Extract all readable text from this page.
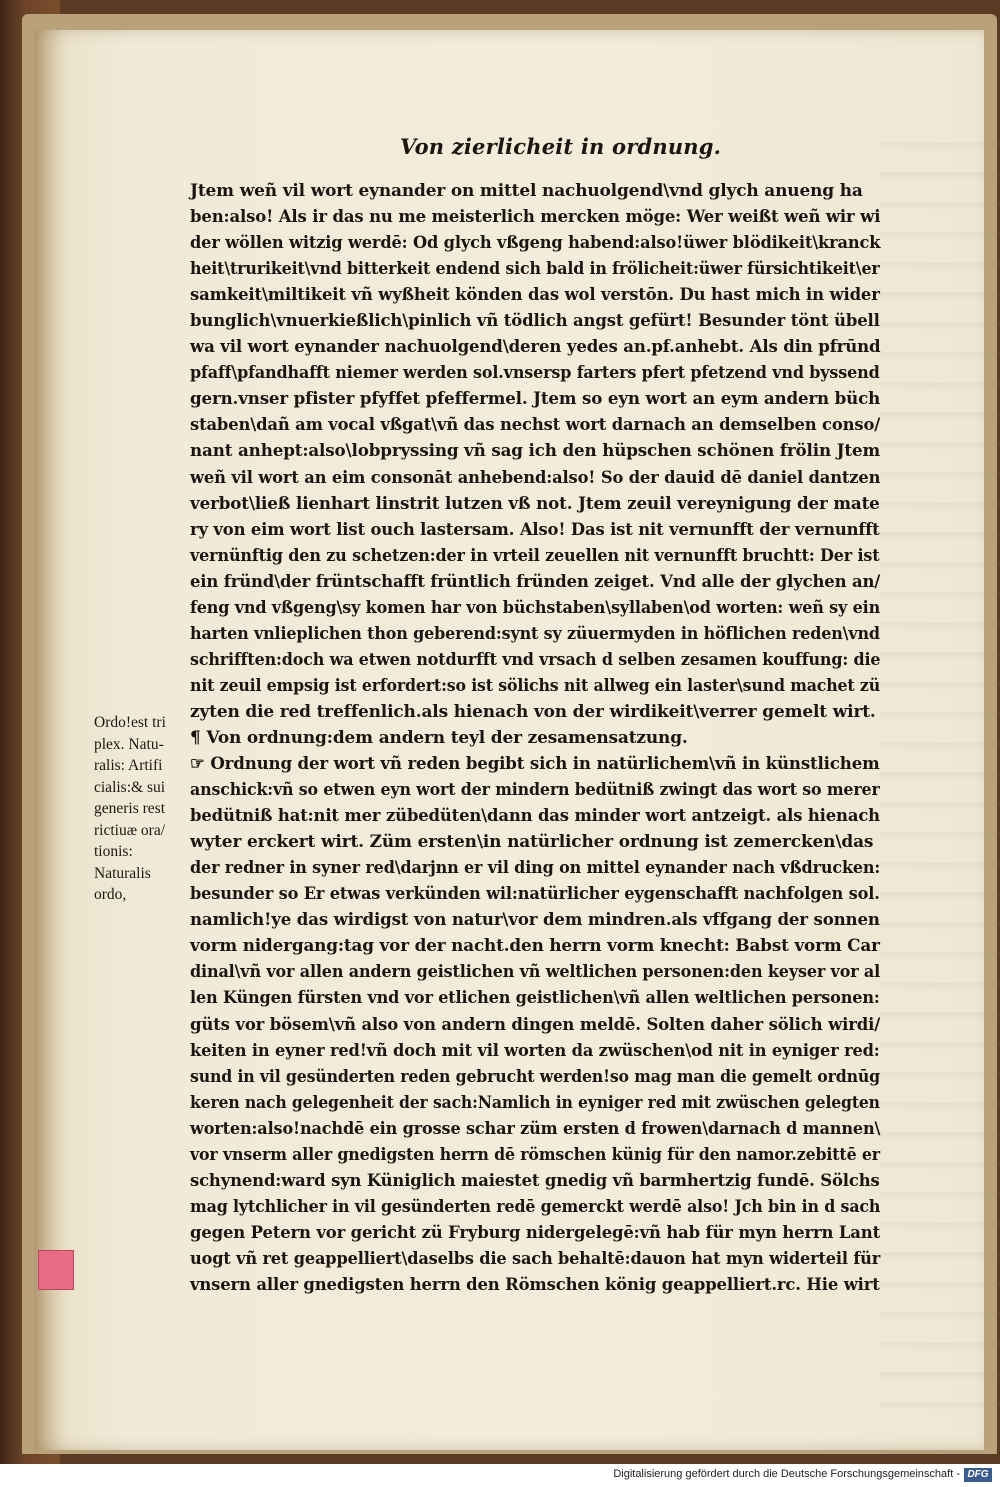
Von zierlicheit in ordnung.
Jtem weñ vil wort eynander on mittel nachuolgend\vnd glych anueng ha
ben:also! Als ir das nu me meisterlich mercken möge: Wer weißt weñ wir wi
der wöllen witzig werdē: Od glych vßgeng habend:also!üwer blödikeit\kranck
heit\trurikeit\vnd bitterkeit endend sich bald in frölicheit:üwer fürsichtikeit\er
samkeit\miltikeit vñ wyßheit könden das wol verstōn. Du hast mich in wider
bunglich\vnuerkießlich\pinlich vñ tödlich angst gefürt! Besunder tönt übell
wa vil wort eynander nachuolgend\deren yedes an.pf.anhebt. Als din pfrūnd
pfaff\pfandhafft niemer werden sol.vnsersp farters pfert pfetzend vnd byssend
gern.vnser pfister pfyffet pfeffermel. Jtem so eyn wort an eym andern büch
staben\dañ am vocal vßgat\vñ das nechst wort darnach an demselben conso/
nant anhept:also\lobpryssing vñ sag ich den hüpschen schönen frölin Jtem
weñ vil wort an eim consonāt anhebend:also! So der dauid dē daniel dantzen
verbot\ließ lienhart linstrit lutzen vß not. Jtem zeuil vereynigung der mate
ry von eim wort list ouch lastersam. Also! Das ist nit vernunfft der vernunfft
vernünftig den zu schetzen:der in vrteil zeuellen nit vernunfft bruchtt: Der ist
ein fründ\der früntschafft früntlich fründen zeiget. Vnd alle der glychen an/
feng vnd vßgeng\sy komen har von büchstaben\syllaben\od worten: weñ sy ein
harten vnlieplichen thon geberend:synt sy züuermyden in höflichen reden\vnd
schrifften:doch wa etwen notdurfft vnd vrsach d selben zesamen kouffung: die
nit zeuil empsig ist erfordert:so ist sölichs nit allweg ein laster\sund machet zü
zyten die red treffenlich.als hienach von der wirdikeit\verrer gemelt wirt.
¶ Von ordnung:dem andern teyl der zesamensatzung.
☞ Ordnung der wort vñ reden begibt sich in natürlichem\vñ in künstlichem
anschick:vñ so etwen eyn wort der mindern bedütniß zwingt das wort so merer
bedütniß hat:nit mer zübedüten\dann das minder wort antzeigt. als hienach
wyter erckert wirt. Züm ersten\in natürlicher ordnung ist zemercken\das
der redner in syner red\darjnn er vil ding on mittel eynander nach vßdrucken:
besunder so Er etwas verkünden wil:natürlicher eygenschafft nachfolgen sol.
namlich!ye das wirdigst von natur\vor dem mindren.als vffgang der sonnen
vorm nidergang:tag vor der nacht.den herrn vorm knecht: Babst vorm Car
dinal\vñ vor allen andern geistlichen vñ weltlichen personen:den keyser vor al
len Küngen fürsten vnd vor etlichen geistlichen\vñ allen weltlichen personen:
güts vor bösem\vñ also von andern dingen meldē. Solten daher sölich wirdi/
keiten in eyner red!vñ doch mit vil worten da zwüschen\od nit in eyniger red:
sund in vil gesünderten reden gebrucht werden!so mag man die gemelt ordnūg
keren nach gelegenheit der sach:Namlich in eyniger red mit zwüschen gelegten
worten:also!nachdē ein grosse schar züm ersten d frowen\darnach d mannen\
vor vnserm aller gnedigsten herrn dē römschen künig für den namor.zebittē er
schynend:ward syn Küniglich maiestet gnedig vñ barmhertzig fundē. Sölchs
mag lytchlicher in vil gesünderten redē gemerckt werdē also! Jch bin in d sach
gegen Petern vor gericht zü Fryburg nidergelegē:vñ hab für myn herrn Lant
uogt vñ ret geappelliert\daselbs die sach behaltē:dauon hat myn widerteil für
vnsern aller gnedigsten herrn den Römschen könig geappelliert.rc. Hie wirt
Ordo!est tri
plex. Natu-
ralis: Artifi
cialis:& sui
generis rest
rictiuæ ora/
tionis:
Naturalis
ordo,
Digitalisierung gefördert durch die Deutsche Forschungsgemeinschaft - DFG
